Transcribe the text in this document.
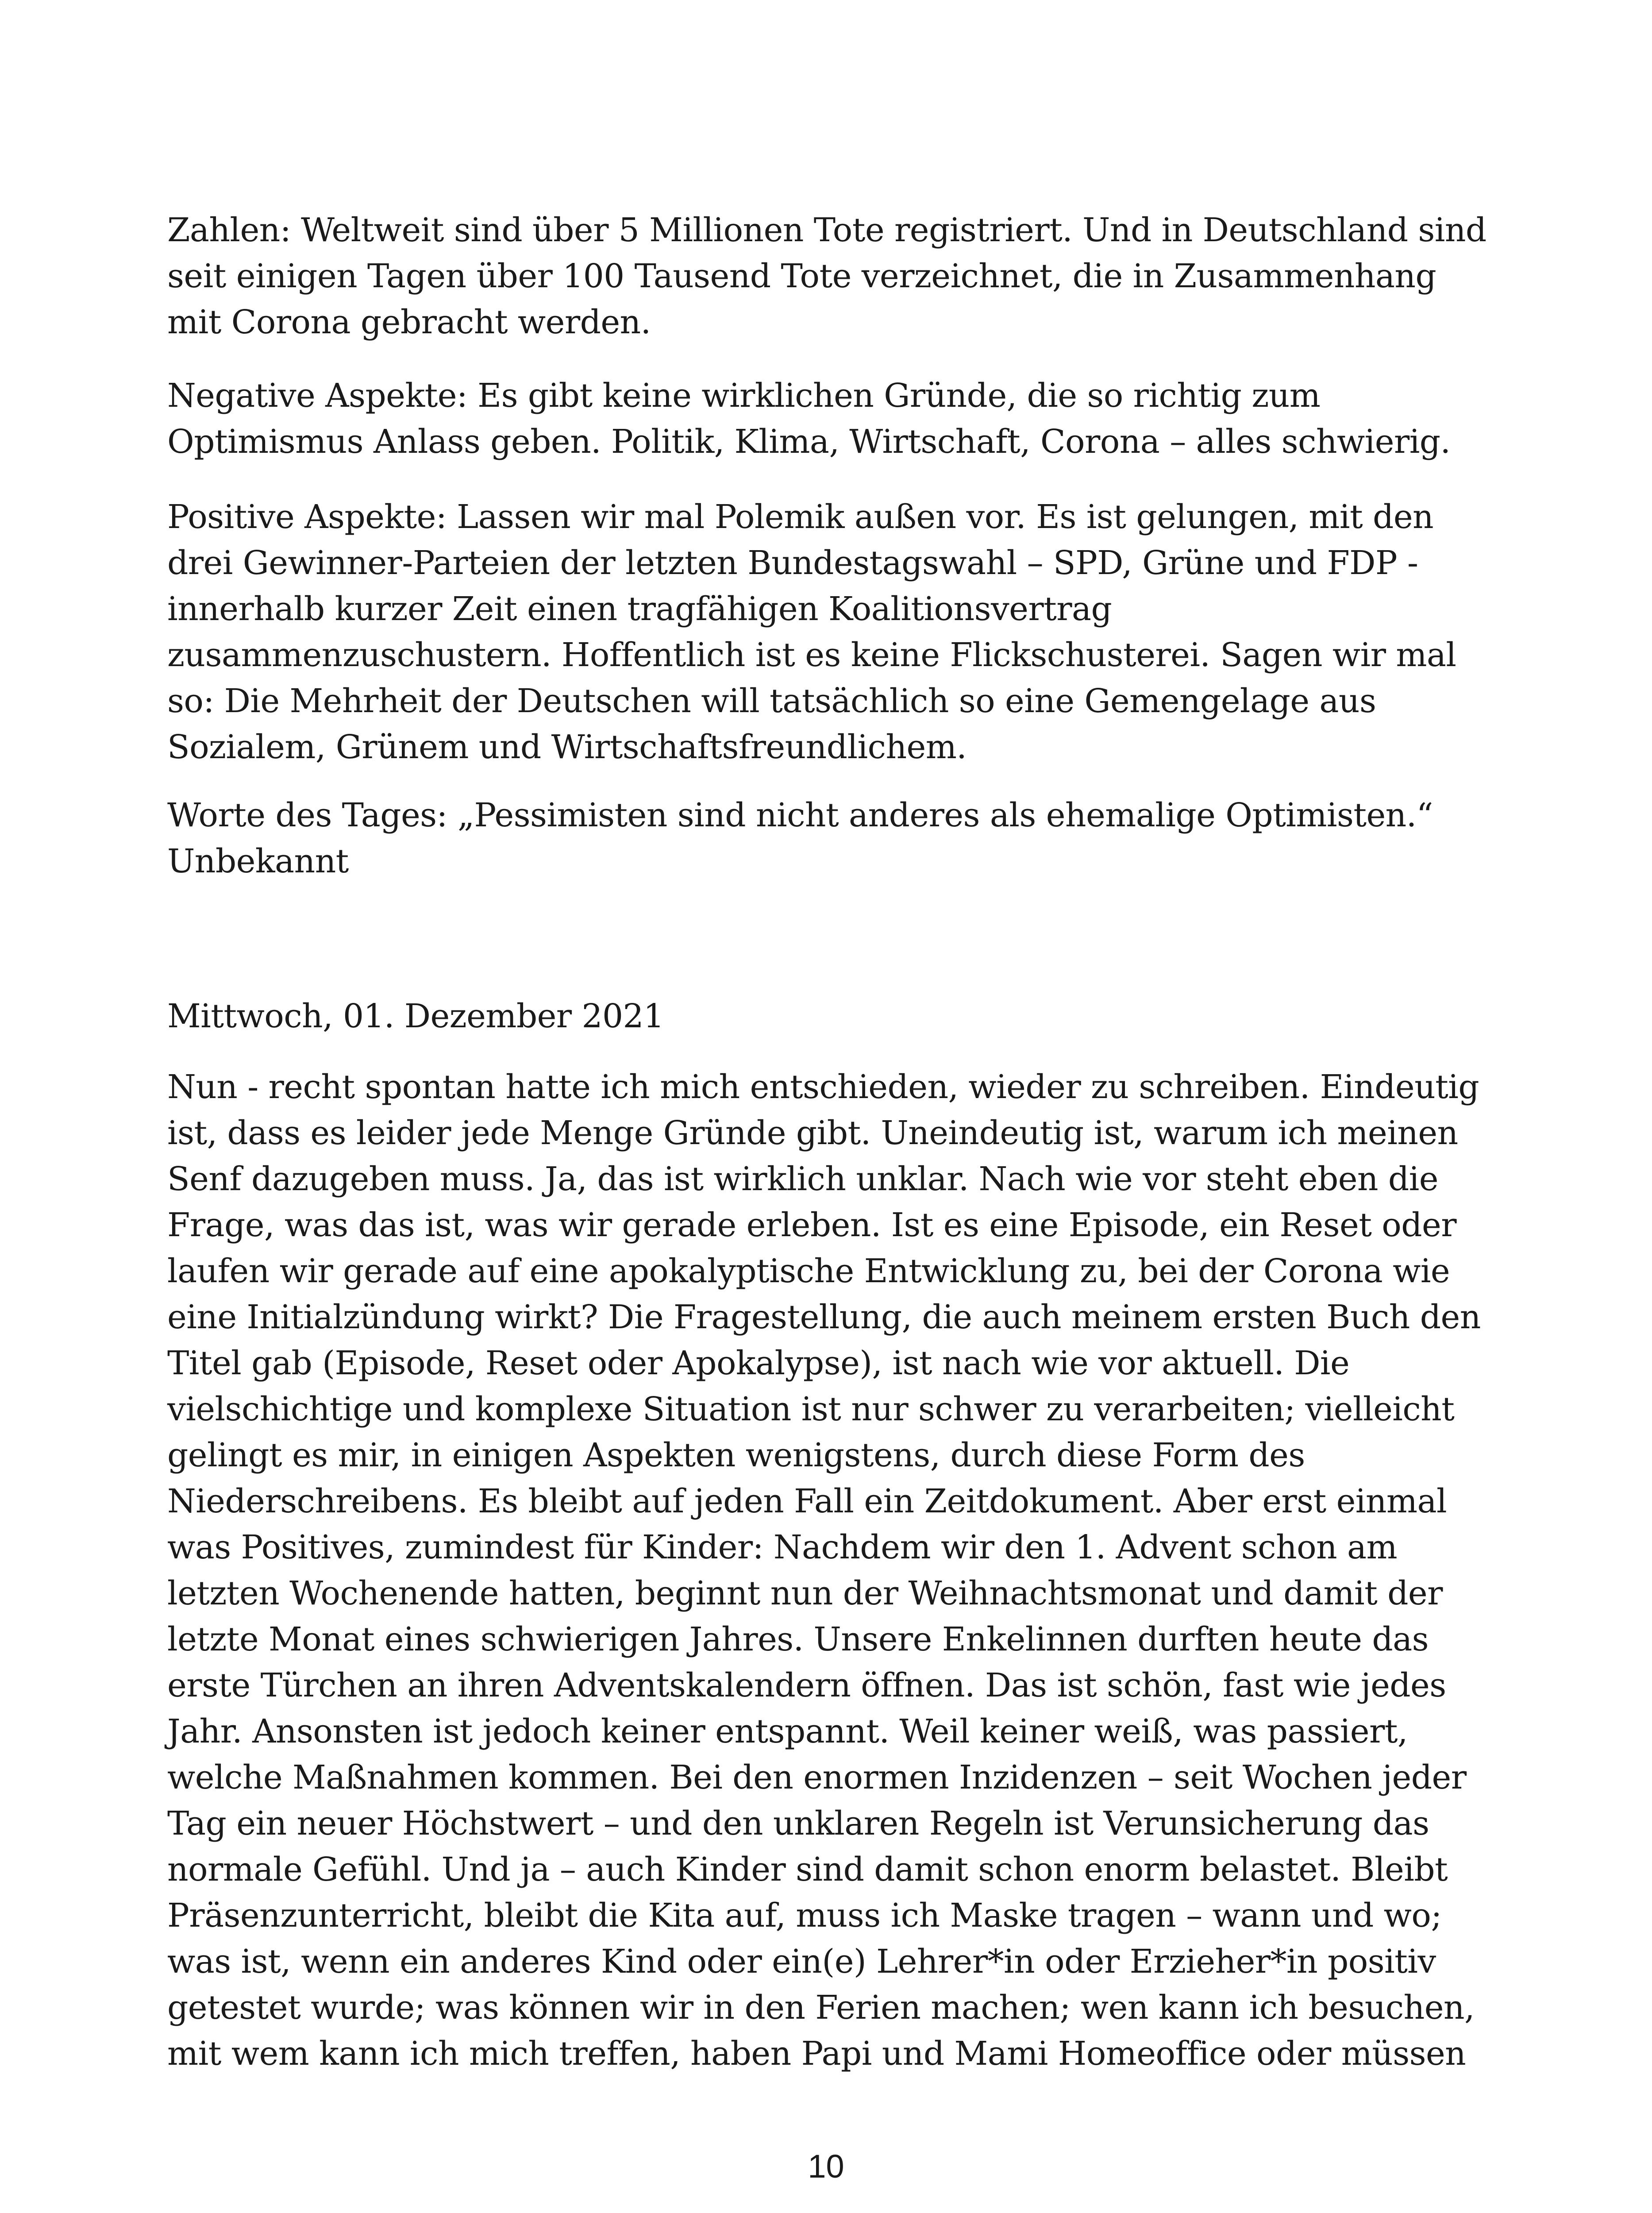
Zahlen: Weltweit sind über 5 Millionen Tote registriert. Und in Deutschland sind seit einigen Tagen über 100 Tausend Tote verzeichnet, die in Zusammenhang mit Corona gebracht werden.

Negative Aspekte: Es gibt keine wirklichen Gründe, die so richtig zum Optimismus Anlass geben. Politik, Klima, Wirtschaft, Corona – alles schwierig.

Positive Aspekte: Lassen wir mal Polemik außen vor. Es ist gelungen, mit den drei Gewinner-Parteien der letzten Bundestagswahl – SPD, Grüne und FDP - innerhalb kurzer Zeit einen tragfähigen Koalitionsvertrag zusammenzuschustern. Hoffentlich ist es keine Flickschusterei. Sagen wir mal so: Die Mehrheit der Deutschen will tatsächlich so eine Gemengelage aus Sozialem, Grünem und Wirtschaftsfreundlichem.

Worte des Tages: „Pessimisten sind nicht anderes als ehemalige Optimisten.“ Unbekannt

Mittwoch, 01. Dezember 2021

Nun - recht spontan hatte ich mich entschieden, wieder zu schreiben. Eindeutig ist, dass es leider jede Menge Gründe gibt. Uneindeutig ist, warum ich meinen Senf dazugeben muss. Ja, das ist wirklich unklar. Nach wie vor steht eben die Frage, was das ist, was wir gerade erleben. Ist es eine Episode, ein Reset oder laufen wir gerade auf eine apokalyptische Entwicklung zu, bei der Corona wie eine Initialzündung wirkt? Die Fragestellung, die auch meinem ersten Buch den Titel gab (Episode, Reset oder Apokalypse), ist nach wie vor aktuell. Die vielschichtige und komplexe Situation ist nur schwer zu verarbeiten; vielleicht gelingt es mir, in einigen Aspekten wenigstens, durch diese Form des Niederschreibens. Es bleibt auf jeden Fall ein Zeitdokument. Aber erst einmal was Positives, zumindest für Kinder: Nachdem wir den 1. Advent schon am letzten Wochenende hatten, beginnt nun der Weihnachtsmonat und damit der letzte Monat eines schwierigen Jahres. Unsere Enkelinnen durften heute das erste Türchen an ihren Adventskalendern öffnen. Das ist schön, fast wie jedes Jahr. Ansonsten ist jedoch keiner entspannt. Weil keiner weiß, was passiert, welche Maßnahmen kommen. Bei den enormen Inzidenzen – seit Wochen jeder Tag ein neuer Höchstwert – und den unklaren Regeln ist Verunsicherung das normale Gefühl. Und ja – auch Kinder sind damit schon enorm belastet. Bleibt Präsenzunterricht, bleibt die Kita auf, muss ich Maske tragen – wann und wo; was ist, wenn ein anderes Kind oder ein(e) Lehrer*in oder Erzieher*in positiv getestet wurde; was können wir in den Ferien machen; wen kann ich besuchen, mit wem kann ich mich treffen, haben Papi und Mami Homeoffice oder müssen

10
